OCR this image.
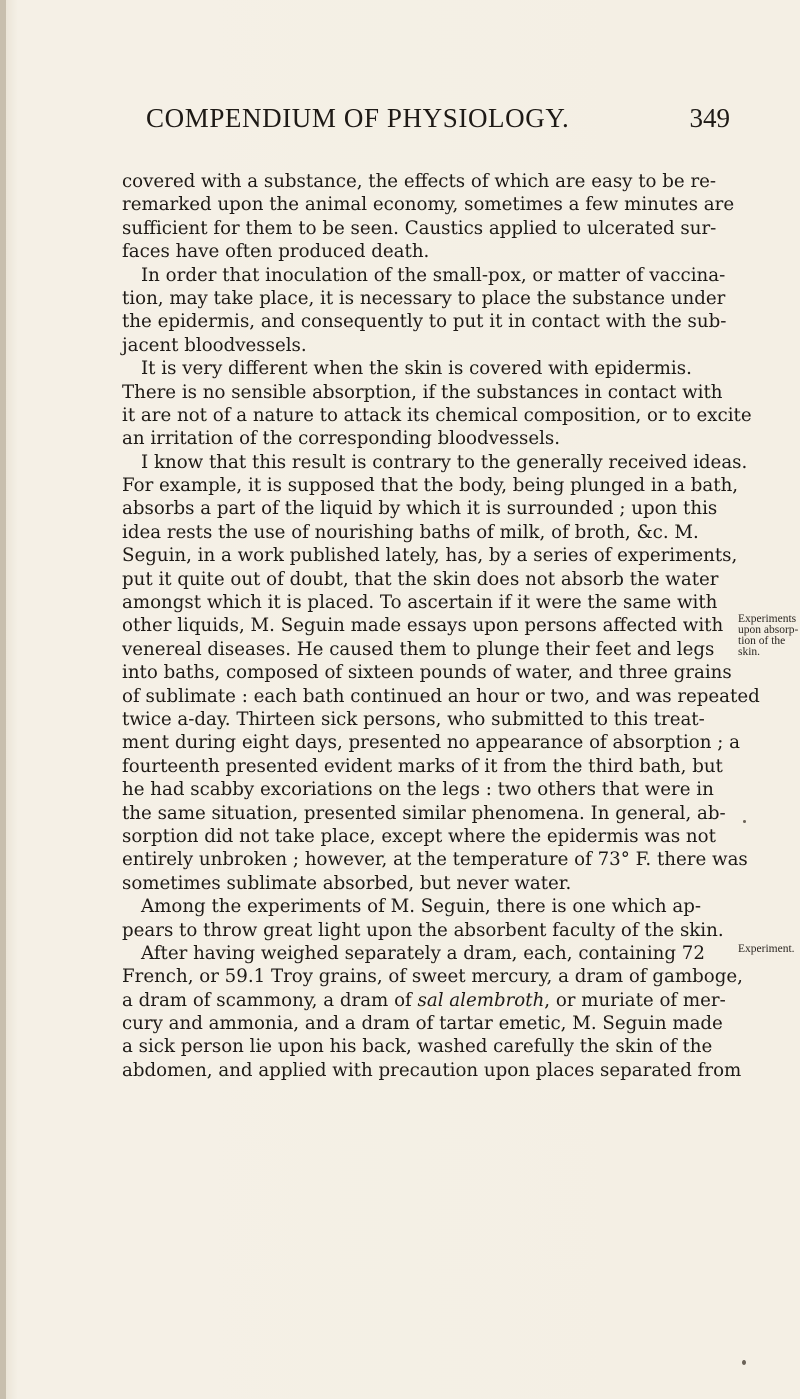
COMPENDIUM OF PHYSIOLOGY.	349
covered with a substance, the effects of which are easy to be re-
remarked upon the animal economy, sometimes a few minutes are
sufficient for them to be seen. Caustics applied to ulcerated sur-
faces have often produced death.
In order that inoculation of the small-pox, or matter of vaccina-
tion, may take place, it is necessary to place the substance under
the epidermis, and consequently to put it in contact with the sub-
jacent bloodvessels.
It is very different when the skin is covered with epidermis.
There is no sensible absorption, if the substances in contact with
it are not of a nature to attack its chemical composition, or to excite
an irritation of the corresponding bloodvessels.
I know that this result is contrary to the generally received ideas.
For example, it is supposed that the body, being plunged in a bath,
absorbs a part of the liquid by which it is surrounded ; upon this
idea rests the use of nourishing baths of milk, of broth, &c. M.
Seguin, in a work published lately, has, by a series of experiments,
put it quite out of doubt, that the skin does not absorb the water
amongst which it is placed. To ascertain if it were the same with
other liquids, M. Seguin made essays upon persons affected with
venereal diseases. He caused them to plunge their feet and legs
into baths, composed of sixteen pounds of water, and three grains
of sublimate : each bath continued an hour or two, and was repeated
twice a-day. Thirteen sick persons, who submitted to this treat-
ment during eight days, presented no appearance of absorption ; a
fourteenth presented evident marks of it from the third bath, but
he had scabby excoriations on the legs : two others that were in
the same situation, presented similar phenomena. In general, ab-
sorption did not take place, except where the epidermis was not
entirely unbroken ; however, at the temperature of 73° F. there was
sometimes sublimate absorbed, but never water.
Among the experiments of M. Seguin, there is one which ap-
pears to throw great light upon the absorbent faculty of the skin.
After having weighed separately a dram, each, containing 72
French, or 59.1 Troy grains, of sweet mercury, a dram of gamboge,
a dram of scammony, a dram of sal alembroth, or muriate of mer-
cury and ammonia, and a dram of tartar emetic, M. Seguin made
a sick person lie upon his back, washed carefully the skin of the
abdomen, and applied with precaution upon places separated from
Experiments
upon absorp-
tion of the
skin.
Experiment.
